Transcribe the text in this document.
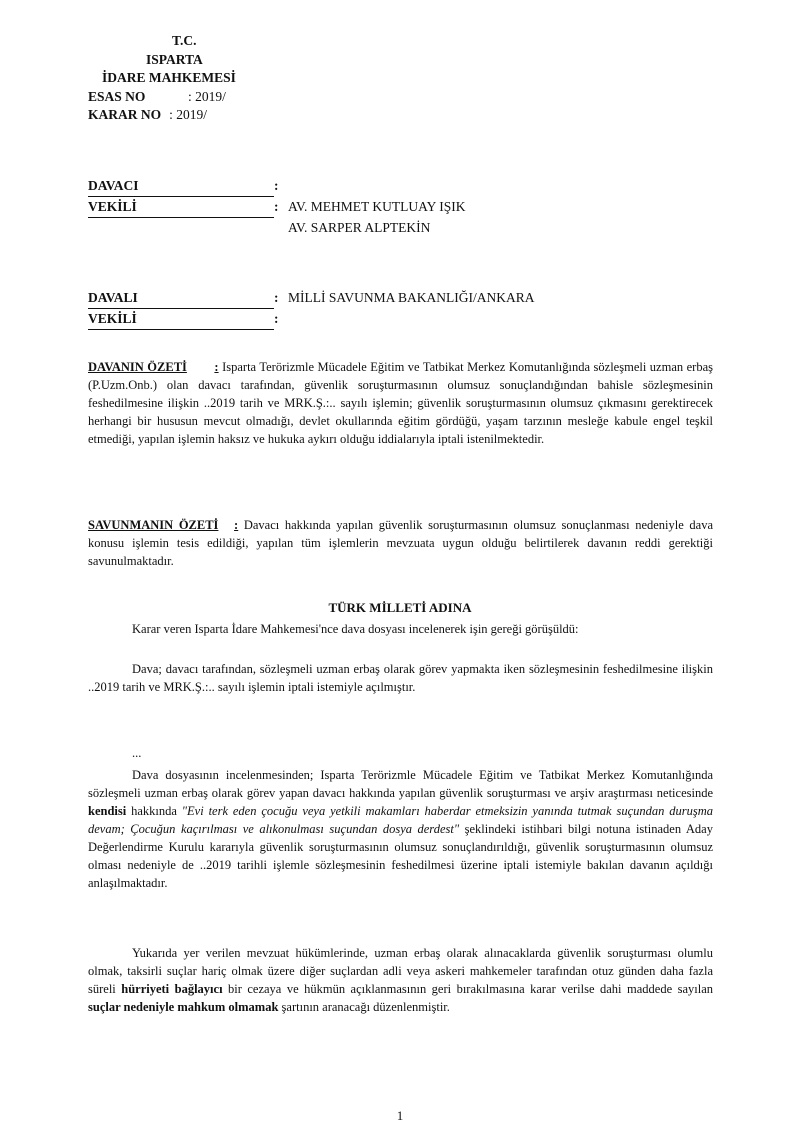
T.C.
ISPARTA
İDARE MAHKEMESİ
ESAS NO	: 2019/
KARAR NO : 2019/
DAVACI	:
VEKİLİ	: AV. MEHMET KUTLUAY IŞIK
AV. SARPER ALPTEKİN
DAVALI	: MİLLİ SAVUNMA BAKANLIĞI/ANKARA
VEKİLİ	:
DAVANIN ÖZETİ : Isparta Terörizmle Mücadele Eğitim ve Tatbikat Merkez Komutanlığında sözleşmeli uzman erbaş (P.Uzm.Onb.) olan davacı tarafından, güvenlik soruşturmasının olumsuz sonuçlandığından bahisle sözleşmesinin feshedilmesine ilişkin ..2019 tarih ve MRK.Ş.:.. sayılı işlemin; güvenlik soruşturmasının olumsuz çıkmasını gerektirecek herhangi bir hususun mevcut olmadığı, devlet okullarında eğitim gördüğü, yaşam tarzının mesleğe kabule engel teşkil etmediği, yapılan işlemin haksız ve hukuka aykırı olduğu iddialarıyla iptali istenilmektedir.
SAVUNMANIN ÖZETİ : Davacı hakkında yapılan güvenlik soruşturmasının olumsuz sonuçlanması nedeniyle dava konusu işlemin tesis edildiği, yapılan tüm işlemlerin mevzuata uygun olduğu belirtilerek davanın reddi gerektiği savunulmaktadır.
TÜRK MİLLETİ ADINA
Karar veren Isparta İdare Mahkemesi'nce dava dosyası incelenerek işin gereği görüşüldü:
Dava; davacı tarafından, sözleşmeli uzman erbaş olarak görev yapmakta iken sözleşmesinin feshedilmesine ilişkin ..2019 tarih ve MRK.Ş.:.. sayılı işlemin iptali istemiyle açılmıştır.
...
Dava dosyasının incelenmesinden; Isparta Terörizmle Mücadele Eğitim ve Tatbikat Merkez Komutanlığında sözleşmeli uzman erbaş olarak görev yapan davacı hakkında yapılan güvenlik soruşturması ve arşiv araştırması neticesinde kendisi hakkında "Evi terk eden çocuğu veya yetkili makamları haberdar etmeksizin yanında tutmak suçundan duruşma devam; Çocuğun kaçırılması ve alıkonulması suçundan dosya derdest" şeklindeki istihbari bilgi notuna istinaden Aday Değerlendirme Kurulu kararıyla güvenlik soruşturmasının olumsuz sonuçlandırıldığı, güvenlik soruşturmasının olumsuz olması nedeniyle de ..2019 tarihli işlemle sözleşmesinin feshedilmesi üzerine iptali istemiyle bakılan davanın açıldığı anlaşılmaktadır.
Yukarıda yer verilen mevzuat hükümlerinde, uzman erbaş olarak alınacaklarda güvenlik soruşturması olumlu olmak, taksirli suçlar hariç olmak üzere diğer suçlardan adli veya askeri mahkemeler tarafından otuz günden daha fazla süreli hürriyeti bağlayıcı bir cezaya ve hükmün açıklanmasının geri bırakılmasına karar verilse dahi maddede sayılan suçlar nedeniyle mahkum olmamak şartının aranacağı düzenlenmiştir.
1
